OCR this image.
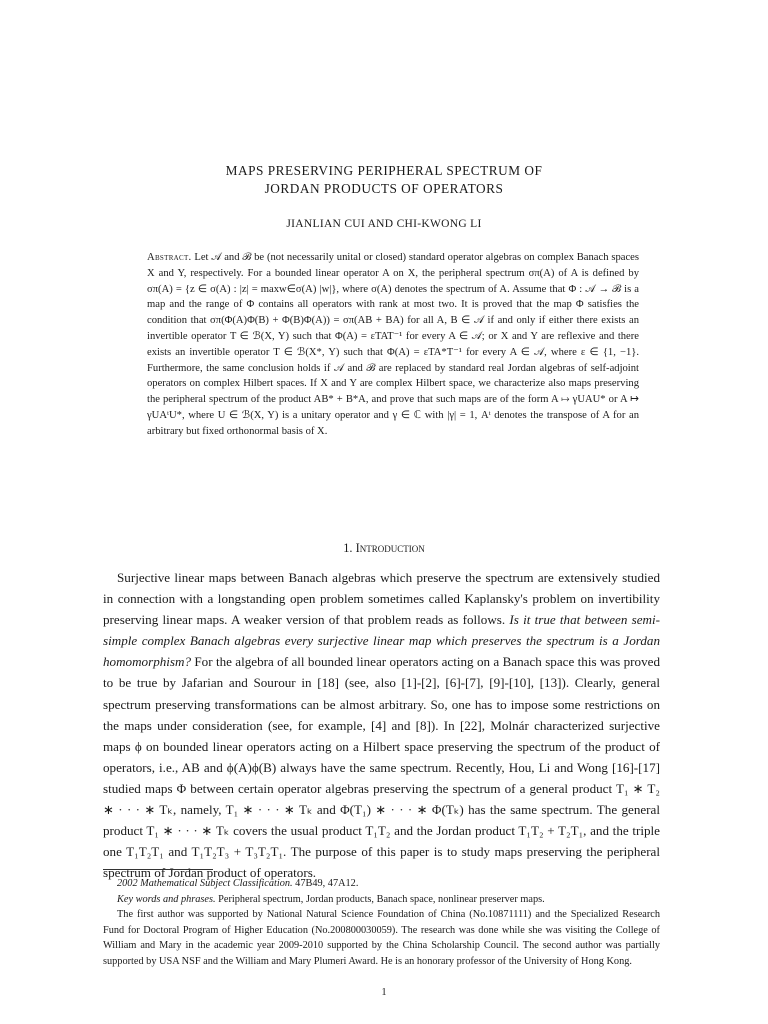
MAPS PRESERVING PERIPHERAL SPECTRUM OF
JORDAN PRODUCTS OF OPERATORS
JIANLIAN CUI AND CHI-KWONG LI
Abstract. Let 𝒜 and ℬ be (not necessarily unital or closed) standard operator algebras on complex Banach spaces X and Y, respectively. For a bounded linear operator A on X, the peripheral spectrum σπ(A) of A is defined by σπ(A) = {z ∈ σ(A) : |z| = maxw∈σ(A) |w|}, where σ(A) denotes the spectrum of A. Assume that Φ : 𝒜 → ℬ is a map and the range of Φ contains all operators with rank at most two. It is proved that the map Φ satisfies the condition that σπ(Φ(A)Φ(B) + Φ(B)Φ(A)) = σπ(AB + BA) for all A, B ∈ 𝒜 if and only if either there exists an invertible operator T ∈ ℬ(X, Y) such that Φ(A) = εTAT⁻¹ for every A ∈ 𝒜; or X and Y are reflexive and there exists an invertible operator T ∈ ℬ(X*, Y) such that Φ(A) = εTA*T⁻¹ for every A ∈ 𝒜, where ε ∈ {1, −1}. Furthermore, the same conclusion holds if 𝒜 and ℬ are replaced by standard real Jordan algebras of self-adjoint operators on complex Hilbert spaces. If X and Y are complex Hilbert space, we characterize also maps preserving the peripheral spectrum of the product AB* + B*A, and prove that such maps are of the form A ↦ γUAU* or A ↦ γUAᵗU*, where U ∈ ℬ(X, Y) is a unitary operator and γ ∈ ℂ with |γ| = 1, Aᵗ denotes the transpose of A for an arbitrary but fixed orthonormal basis of X.
1. Introduction

Surjective linear maps between Banach algebras which preserve the spectrum are extensively studied in connection with a longstanding open problem sometimes called Kaplansky's problem on invertibility preserving linear maps. A weaker version of that problem reads as follows. Is it true that between semi-simple complex Banach algebras every surjective linear map which preserves the spectrum is a Jordan homomorphism? For the algebra of all bounded linear operators acting on a Banach space this was proved to be true by Jafarian and Sourour in [18] (see, also [1]-[2], [6]-[7], [9]-[10], [13]). Clearly, general spectrum preserving transformations can be almost arbitrary. So, one has to impose some restrictions on the maps under consideration (see, for example, [4] and [8]). In [22], Molnár characterized surjective maps ϕ on bounded linear operators acting on a Hilbert space preserving the spectrum of the product of operators, i.e., AB and ϕ(A)ϕ(B) always have the same spectrum. Recently, Hou, Li and Wong [16]-[17] studied maps Φ between certain operator algebras preserving the spectrum of a general product T₁ ∗ T₂ ∗ · · · ∗ Tₖ, namely, T₁ ∗ · · · ∗ Tₖ and Φ(T₁) ∗ · · · ∗ Φ(Tₖ) has the same spectrum. The general product T₁ ∗ · · · ∗ Tₖ covers the usual product T₁T₂ and the Jordan product T₁T₂ + T₂T₁, and the triple one T₁T₂T₁ and T₁T₂T₃ + T₃T₂T₁. The purpose of this paper is to study maps preserving the peripheral spectrum of Jordan product of operators.

2002 Mathematical Subject Classification. 47B49, 47A12.

Key words and phrases. Peripheral spectrum, Jordan products, Banach space, nonlinear preserver maps.

The first author was supported by National Natural Science Foundation of China (No.10871111) and the Specialized Research Fund for Doctoral Program of Higher Education (No.200800030059). The research was done while she was visiting the College of William and Mary in the academic year 2009-2010 supported by the China Scholarship Council. The second author was partially supported by USA NSF and the William and Mary Plumeri Award. He is an honorary professor of the University of Hong Kong.

1
